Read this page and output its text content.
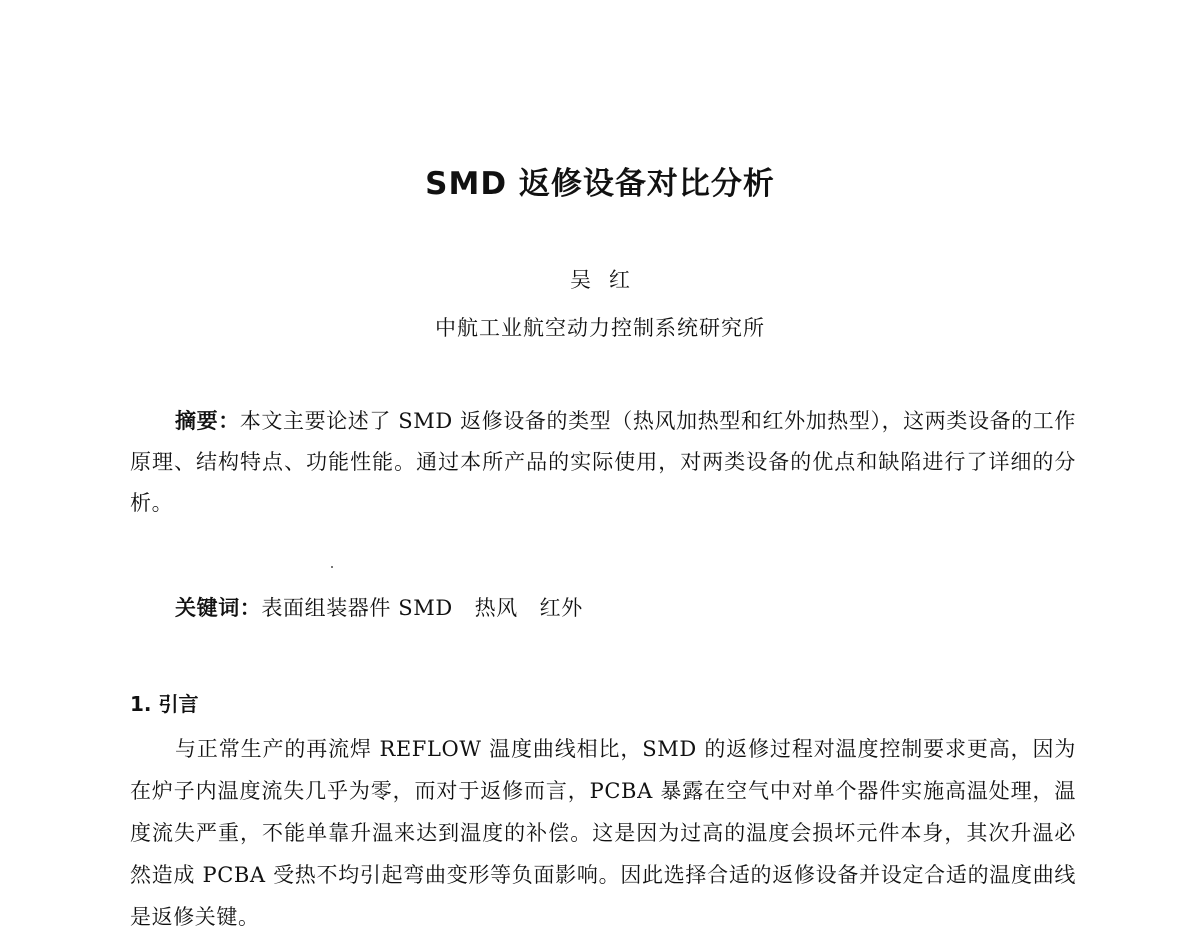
SMD 返修设备对比分析
吴红
中航工业航空动力控制系统研究所

摘要：本文主要论述了 SMD 返修设备的类型（热风加热型和红外加热型），这两类设备的工作原理、结构特点、功能性能。通过本所产品的实际使用，对两类设备的优点和缺陷进行了详细的分析。

关键词：表面组装器件 SMD   热风   红外
1. 引言

与正常生产的再流焊 REFLOW 温度曲线相比，SMD 的返修过程对温度控制要求更高，因为在炉子内温度流失几乎为零，而对于返修而言，PCBA 暴露在空气中对单个器件实施高温处理，温度流失严重，不能单靠升温来达到温度的补偿。这是因为过高的温度会损坏元件本身，其次升温必然造成 PCBA 受热不均引起弯曲变形等负面影响。因此选择合适的返修设备并设定合适的温度曲线是返修关键。
